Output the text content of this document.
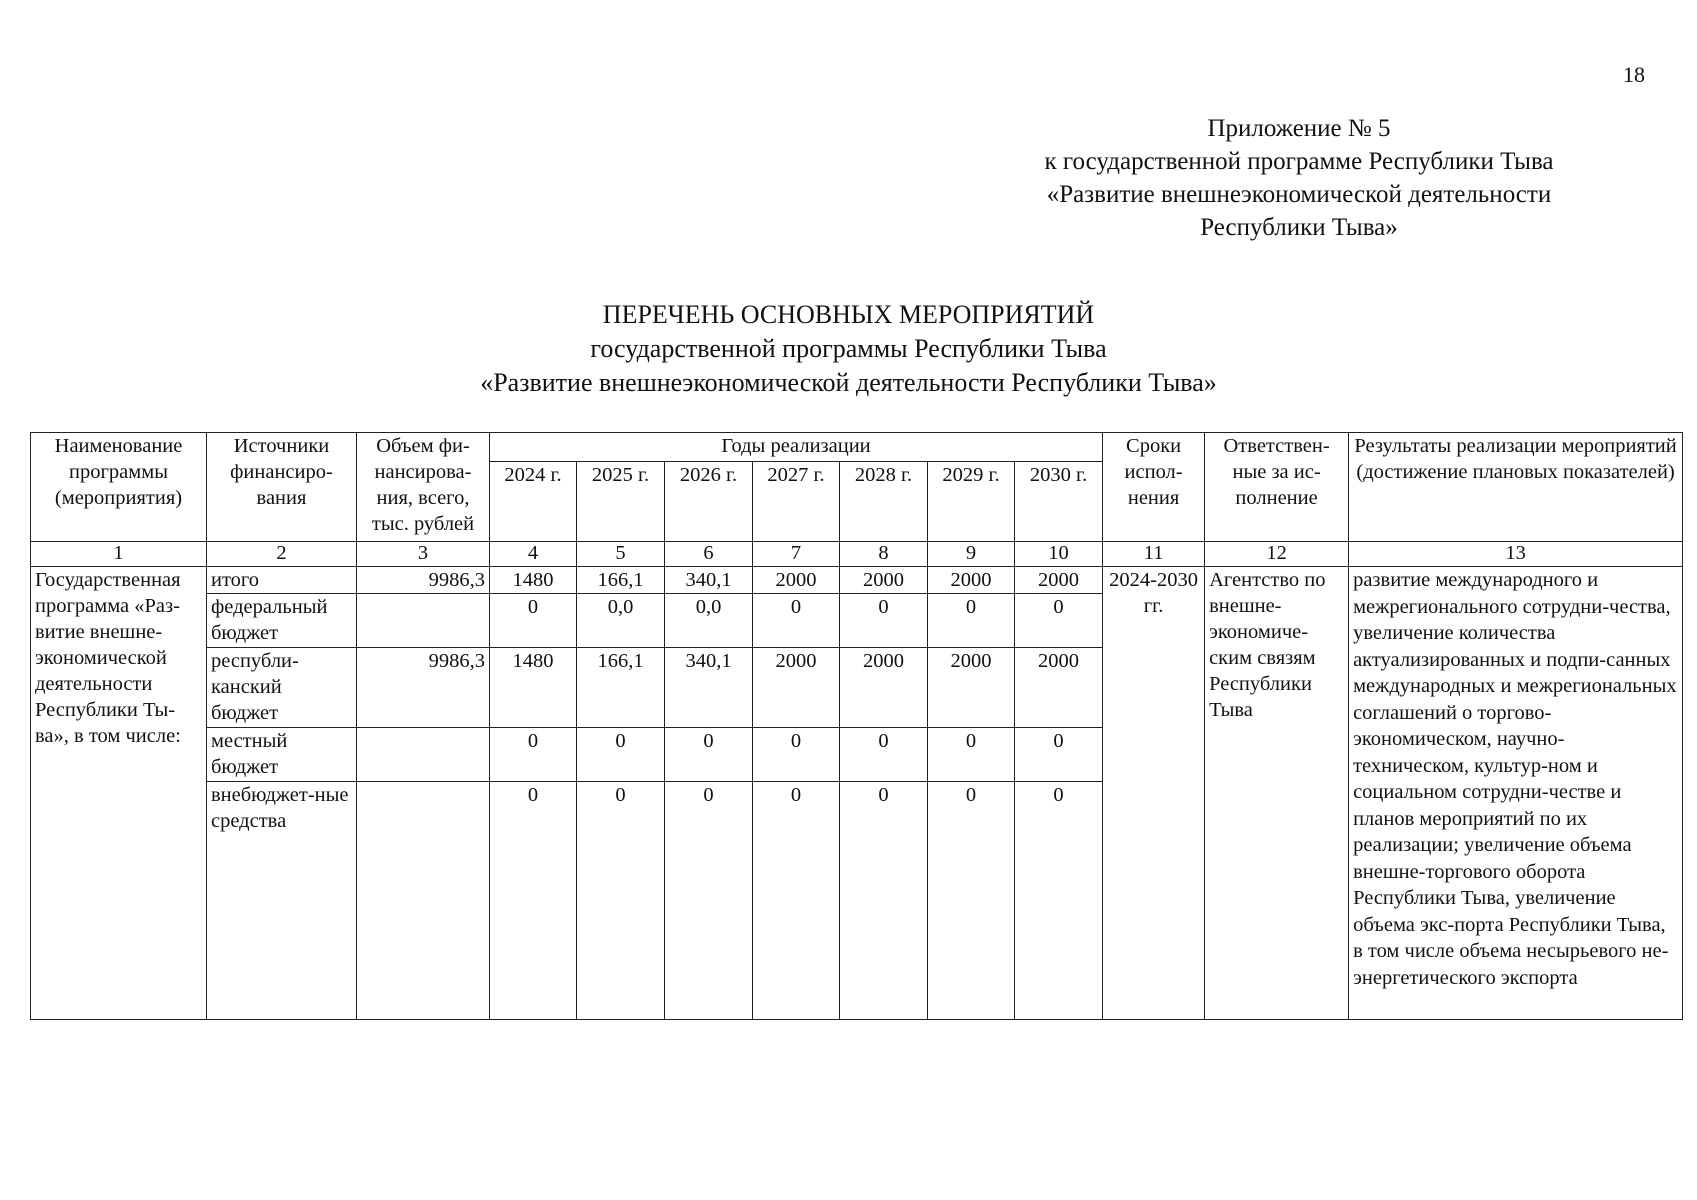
18
Приложение № 5
к государственной программе Республики Тыва
«Развитие внешнеэкономической деятельности
Республики Тыва»
ПЕРЕЧЕНЬ ОСНОВНЫХ МЕРОПРИЯТИЙ
государственной программы Республики Тыва
«Развитие внешнеэкономической деятельности Республики Тыва»
Наименование программы (мероприятия)	Источники финансиро-вания	Объем фи-нансирова-ния, всего, тыс. рублей	Годы реализации							Сроки испол-нения	Ответствен-ные за ис-полнение	Результаты реализации мероприятий (достижение плановых показателей)
			2024 г.	2025 г.	2026 г.	2027 г.	2028 г.	2029 г.	2030 г.			
1	2	3	4	5	6	7	8	9	10	11	12	13
Государственная программа «Раз-витие внешне-экономической деятельности Республики Ты-ва», в том числе:	итого	9986,3	1480	166,1	340,1	2000	2000	2000	2000	2024-2030 гг.	Агентство по внешне-экономиче-ским связям Республики Тыва	развитие международного и межрегионального сотрудни-чества, увеличение количества актуализированных и подпи-санных международных и межрегиональных соглашений о торгово-экономическом, научно-техническом, культур-ном и социальном сотрудни-честве и планов мероприятий по их реализации; увеличение объема внешне-торгового оборота Республики Тыва, увеличение объема экс-порта Республики Тыва, в том числе объема несырьевого не-энергетического экспорта
	федеральный бюджет		0	0,0	0,0	0	0	0	0			
	республи-канский бюджет	9986,3	1480	166,1	340,1	2000	2000	2000	2000			
	местный бюджет		0	0	0	0	0	0	0			
	внебюджет-ные средства		0	0	0	0	0	0	0			
